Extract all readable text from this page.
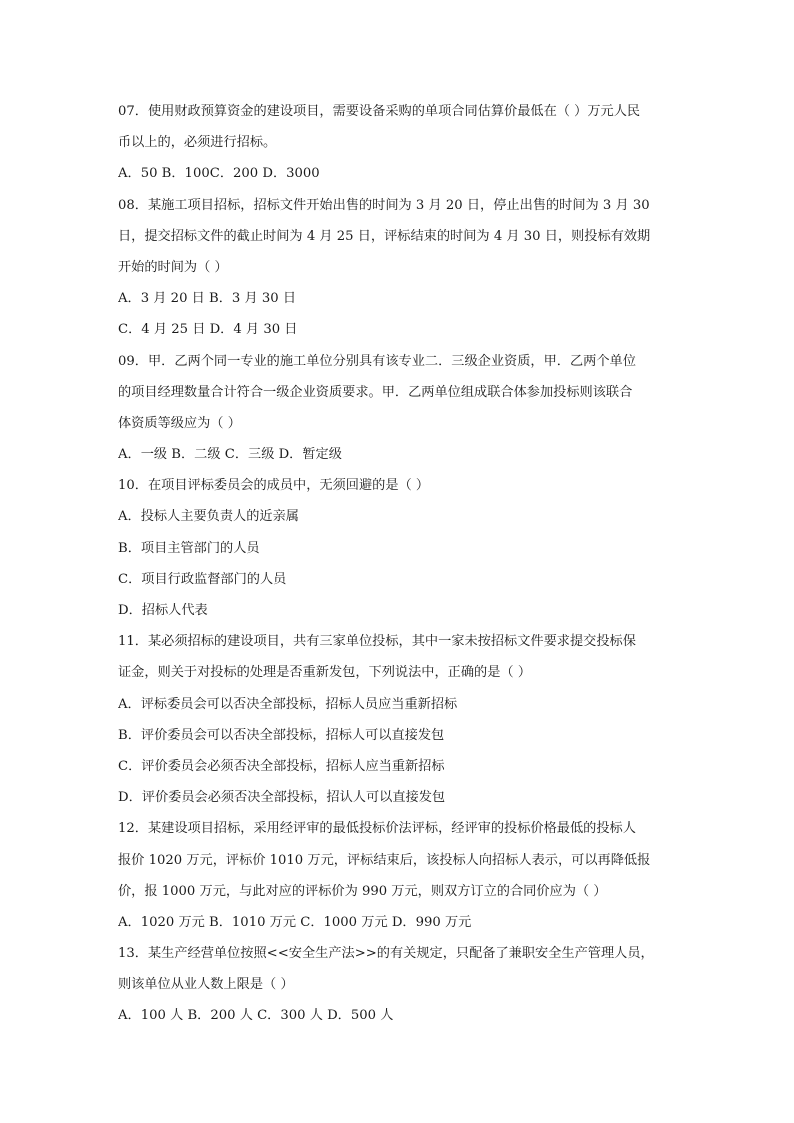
07．使用财政预算资金的建设项目，需要设备采购的单项合同估算价最低在（ ）万元人民
币以上的，必须进行招标。
A．50 B．100C．200 D．3000
08．某施工项目招标，招标文件开始出售的时间为 3 月 20 日，停止出售的时间为 3 月 30
日，提交招标文件的截止时间为 4 月 25 日，评标结束的时间为 4 月 30 日，则投标有效期
开始的时间为（ ）
A．3 月 20 日 B．3 月 30 日
C．4 月 25 日 D．4 月 30 日
09．甲．乙两个同一专业的施工单位分别具有该专业二．三级企业资质，甲．乙两个单位
的项目经理数量合计符合一级企业资质要求。甲．乙两单位组成联合体参加投标则该联合
体资质等级应为（ ）
A．一级 B．二级 C．三级 D．暂定级
10．在项目评标委员会的成员中，无须回避的是（ ）
A．投标人主要负责人的近亲属
B．项目主管部门的人员
C．项目行政监督部门的人员
D．招标人代表
11．某必须招标的建设项目，共有三家单位投标，其中一家未按招标文件要求提交投标保
证金，则关于对投标的处理是否重新发包，下列说法中，正确的是（ ）
A．评标委员会可以否决全部投标，招标人员应当重新招标
B．评价委员会可以否决全部投标，招标人可以直接发包
C．评价委员会必须否决全部投标，招标人应当重新招标
D．评价委员会必须否决全部投标，招认人可以直接发包
12．某建设项目招标，采用经评审的最低投标价法评标，经评审的投标价格最低的投标人
报价 1020 万元，评标价 1010 万元，评标结束后，该投标人向招标人表示，可以再降低报
价，报 1000 万元，与此对应的评标价为 990 万元，则双方订立的合同价应为（ ）
A．1020 万元 B．1010 万元 C．1000 万元 D．990 万元
13．某生产经营单位按照<<安全生产法>>的有关规定，只配备了兼职安全生产管理人员，
则该单位从业人数上限是（ ）
A．100 人 B．200 人 C．300 人 D．500 人
